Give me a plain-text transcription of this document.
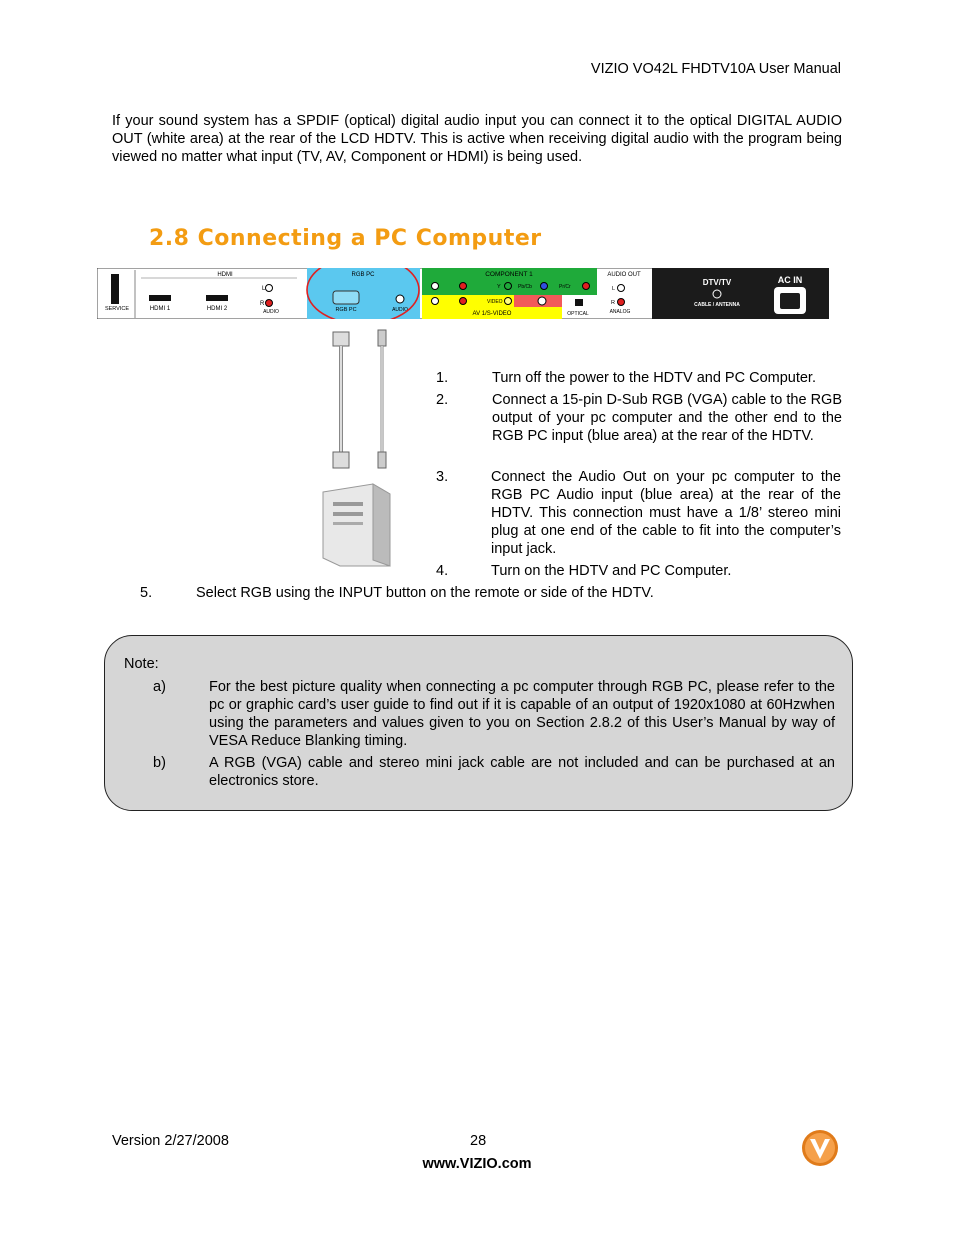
VIZIO VO42L FHDTV10A User Manual
If your sound system has a SPDIF (optical) digital audio input you can connect it to the optical DIGITAL AUDIO OUT (white area) at the rear of the LCD HDTV. This is active when receiving digital audio with the program being viewed no matter what input (TV, AV, Component or HDMI) is being used.
2.8 Connecting a PC Computer
SERVICE
HDMI
HDMI 1	HDMI 2
L
R
AUDIO
RGB PC
RGB PC	AUDIO
COMPONENT 1
Y	Pb/Cb	Pr/Cr
VIDEO
AV 1/S-VIDEO	OPTICAL
AUDIO OUT
L
R
ANALOG
DTV/TV
CABLE / ANTENNA
AC IN
1.	Turn off the power to the HDTV and PC Computer.
2.	Connect a 15-pin D-Sub RGB (VGA) cable to the RGB output of your pc computer and the other end to the RGB PC input (blue area) at the rear of the HDTV.
3.	Connect the Audio Out on your pc computer to the RGB PC Audio input (blue area) at the rear of the HDTV. This connection must have a 1/8’ stereo mini plug at one end of the cable to fit into the computer’s input jack.
4.	Turn on the HDTV and PC Computer.
5.	Select RGB using the INPUT button on the remote or side of the HDTV.
Note:
a)	For the best picture quality when connecting a pc computer through RGB PC, please refer to the pc or graphic card’s user guide to find out if it is capable of an output of 1920x1080 at 60Hzwhen using the parameters and values given to you on Section 2.8.2 of this User’s Manual by way of VESA Reduce Blanking timing.
b)	A RGB (VGA) cable and stereo mini jack cable are not included and can be purchased at an electronics store.
Version 2/27/2008	28
www.VIZIO.com
